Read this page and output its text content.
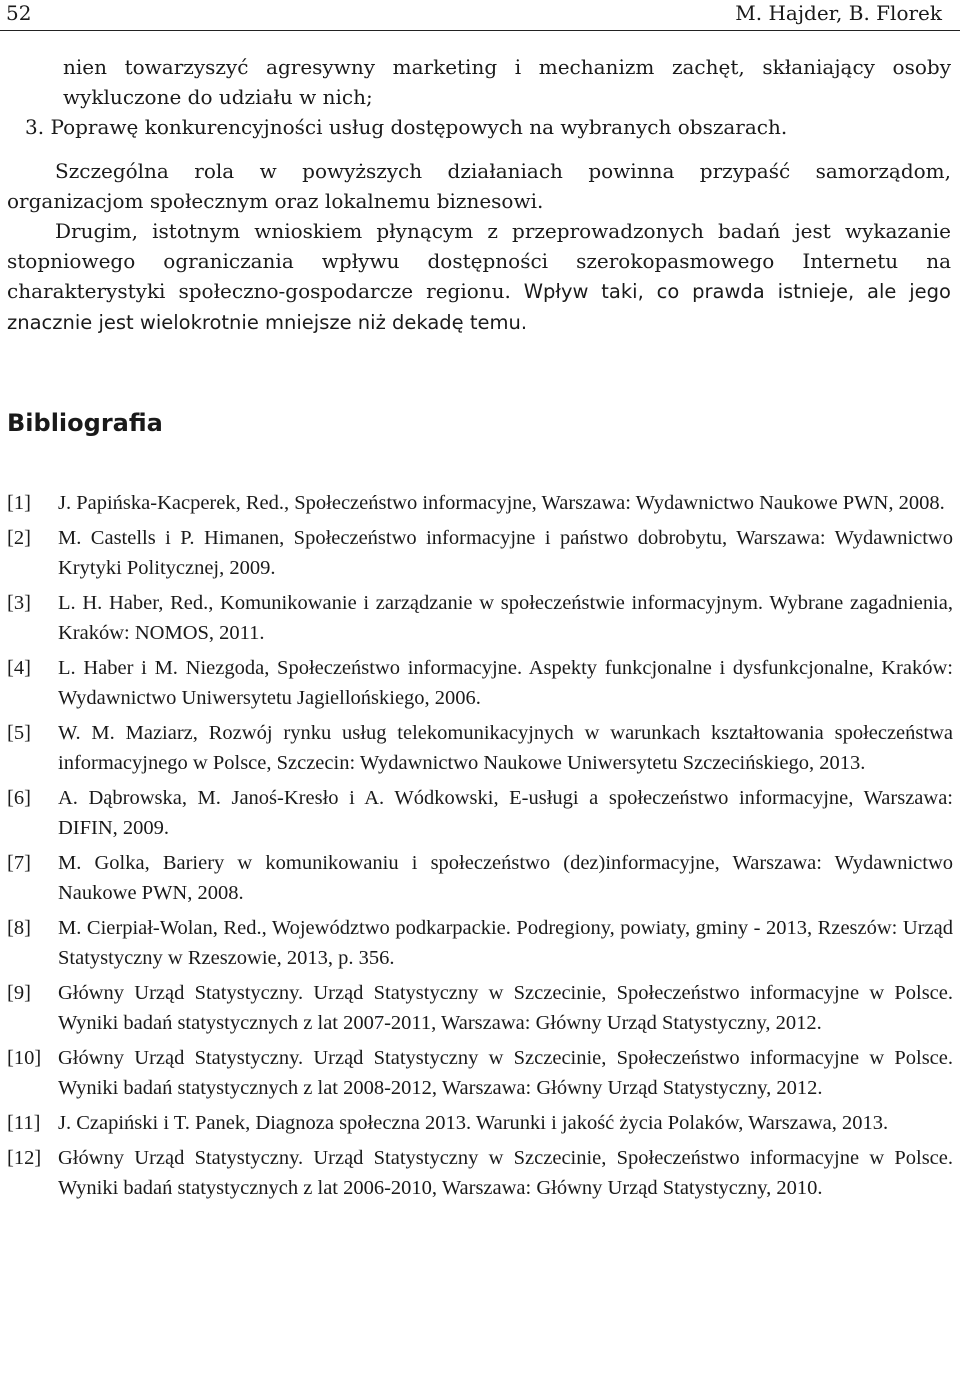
52	M. Hajder, B. Florek

nien towarzyszyć agresywny marketing i mechanizm zachęt, skłaniający osoby wykluczone do udziału w nich;

3. Poprawę konkurencyjności usług dostępowych na wybranych obszarach.

Szczególna rola w powyższych działaniach powinna przypaść samorządom, organizacjom społecznym oraz lokalnemu biznesowi.

Drugim, istotnym wnioskiem płynącym z przeprowadzonych badań jest wykazanie stopniowego ograniczania wpływu dostępności szerokopasmowego Internetu na charakterystyki społeczno-gospodarcze regionu. Wpływ taki, co prawda istnieje, ale jego znacznie jest wielokrotnie mniejsze niż dekadę temu.

Bibliografia
[1]	J. Papińska-Kacperek, Red., Społeczeństwo informacyjne, Warszawa: Wydawnictwo Naukowe PWN, 2008.
[2]	M. Castells i P. Himanen, Społeczeństwo informacyjne i państwo dobrobytu, Warszawa: Wydawnictwo Krytyki Politycznej, 2009.
[3]	L. H. Haber, Red., Komunikowanie i zarządzanie w społeczeństwie informacyjnym. Wybrane zagadnienia, Kraków: NOMOS, 2011.
[4]	L. Haber i M. Niezgoda, Społeczeństwo informacyjne. Aspekty funkcjonalne i dysfunkcjonalne, Kraków: Wydawnictwo Uniwersytetu Jagiellońskiego, 2006.
[5]	W. M. Maziarz, Rozwój rynku usług telekomunikacyjnych w warunkach kształtowania społeczeństwa informacyjnego w Polsce, Szczecin: Wydawnictwo Naukowe Uniwersytetu Szczecińskiego, 2013.
[6]	A. Dąbrowska, M. Janoś-Kresło i A. Wódkowski, E-usługi a społeczeństwo informacyjne, Warszawa: DIFIN, 2009.
[7]	M. Golka, Bariery w komunikowaniu i społeczeństwo (dez)informacyjne, Warszawa: Wydawnictwo Naukowe PWN, 2008.
[8]	M. Cierpiał-Wolan, Red., Województwo podkarpackie. Podregiony, powiaty, gminy - 2013, Rzeszów: Urząd Statystyczny w Rzeszowie, 2013, p. 356.
[9]	Główny Urząd Statystyczny. Urząd Statystyczny w Szczecinie, Społeczeństwo informacyjne w Polsce. Wyniki badań statystycznych z lat 2007-2011, Warszawa: Główny Urząd Statystyczny, 2012.
[10] Główny Urząd Statystyczny. Urząd Statystyczny w Szczecinie, Społeczeństwo informacyjne w Polsce. Wyniki badań statystycznych z lat 2008-2012, Warszawa: Główny Urząd Statystyczny, 2012.
[11] J. Czapiński i T. Panek, Diagnoza społeczna 2013. Warunki i jakość życia Polaków, Warszawa, 2013.
[12] Główny Urząd Statystyczny. Urząd Statystyczny w Szczecinie, Społeczeństwo informacyjne w Polsce. Wyniki badań statystycznych z lat 2006-2010, Warszawa: Główny Urząd Statystyczny, 2010.
